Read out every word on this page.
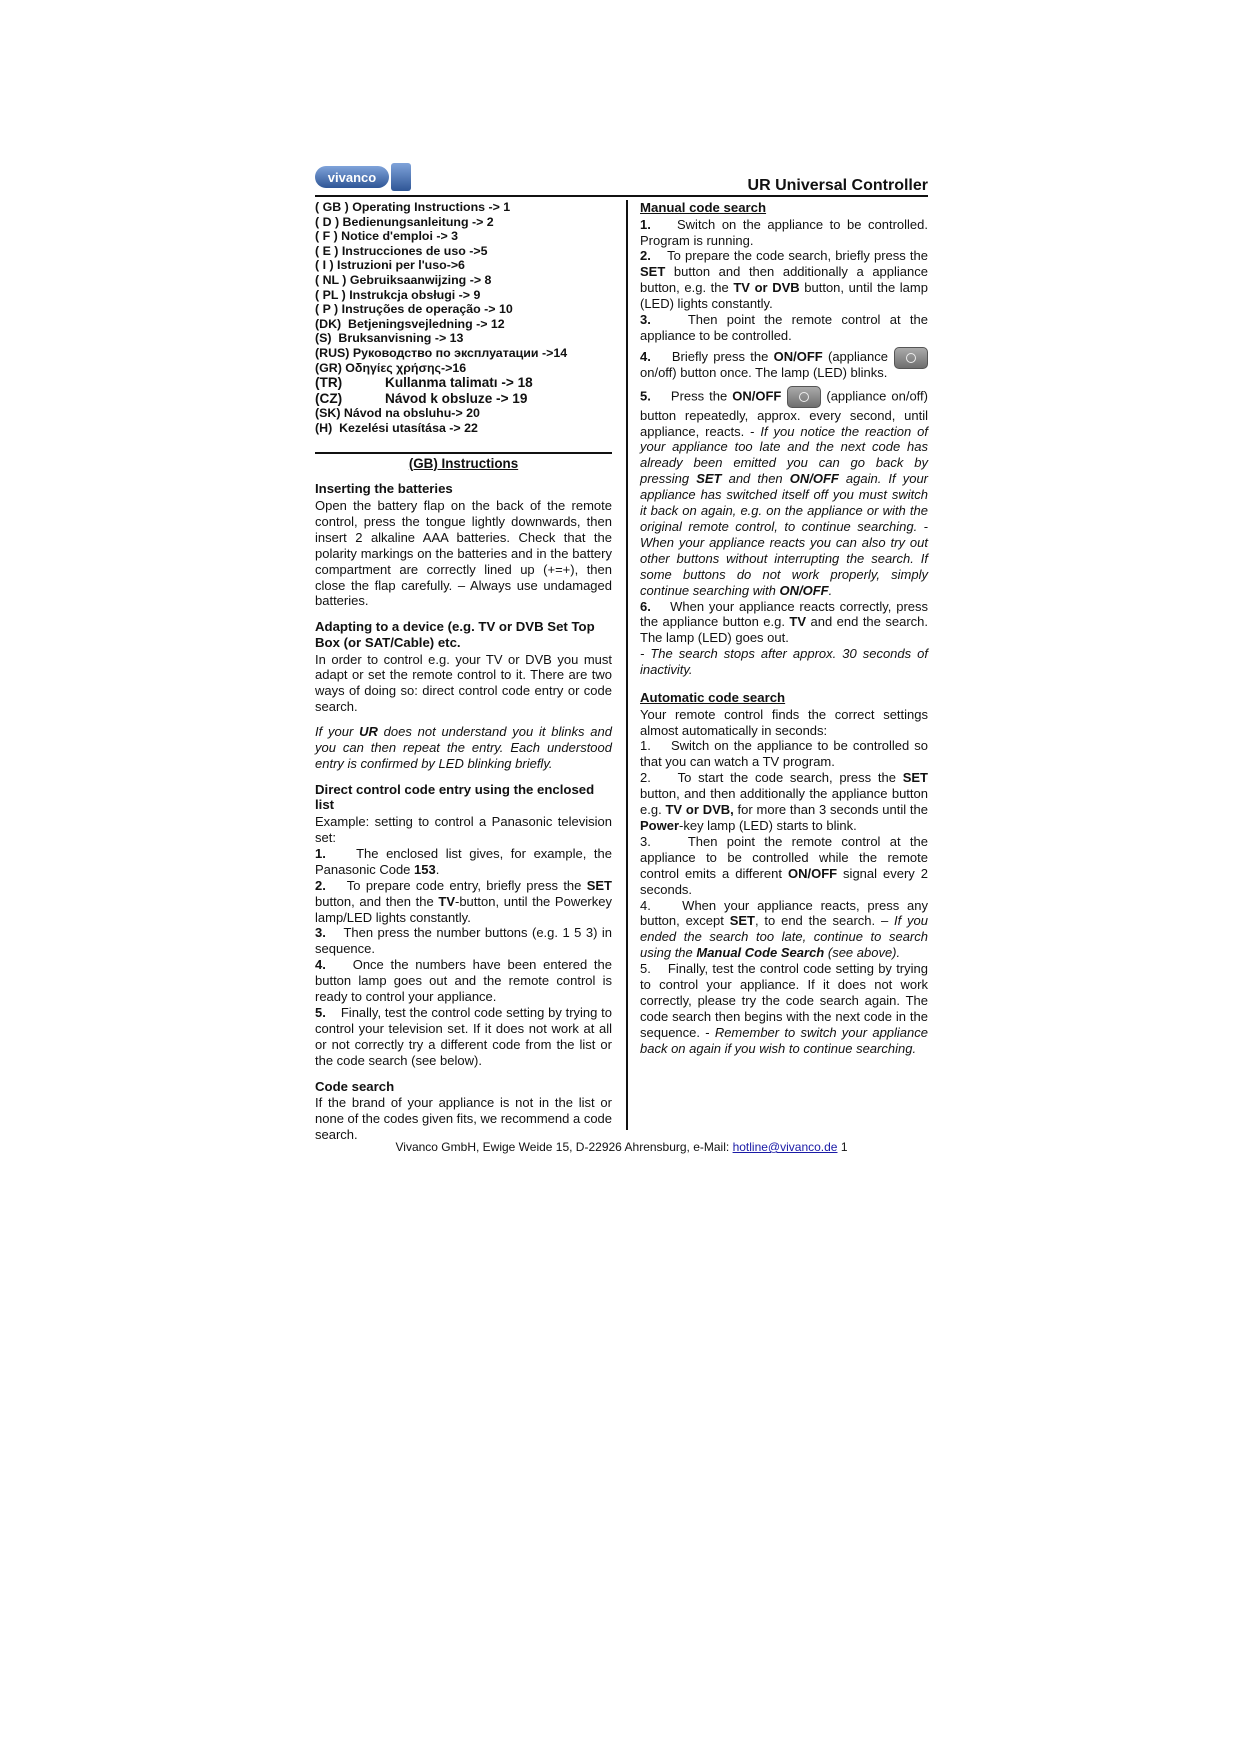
vivanco	UR Universal Controller
( GB ) Operating Instructions -> 1
( D ) Bedienungsanleitung -> 2
( F ) Notice d'emploi -> 3
( E ) Instrucciones de uso ->5
( I ) Istruzioni per l'uso->6
( NL ) Gebruiksaanwijzing -> 8
( PL ) Instrukcja obsługi -> 9
( P ) Instruções de operação -> 10
(DK) Betjeningsvejledning -> 12
(S) Bruksanvisning -> 13
(RUS) Руководство по эксплуатации ->14
(GR) Οδηγίες χρήσης->16
(TR)	Kullanma talimatı -> 18
(CZ)	Návod k obsluze -> 19
(SK) Návod na obsluhu-> 20
(H) Kezelési utasítása -> 22
(GB) Instructions
Inserting the batteries

Open the battery flap on the back of the remote control, press the tongue lightly downwards, then insert 2 alkaline AAA batteries. Check that the polarity markings on the batteries and in the battery compartment are correctly lined up (+=+), then close the flap carefully. – Always use undamaged batteries.

Adapting to a device (e.g. TV or DVB Set Top Box (or SAT/Cable) etc.

In order to control e.g. your TV or DVB you must adapt or set the remote control to it. There are two ways of doing so: direct control code entry or code search.

If your UR does not understand you it blinks and you can then repeat the entry. Each understood entry is confirmed by LED blinking briefly.

Direct control code entry using the enclosed list

Example: setting to control a Panasonic television set:

1. The enclosed list gives, for example, the Panasonic Code 153.

2. To prepare code entry, briefly press the SET button, and then the TV-button, until the Powerkey lamp/LED lights constantly.

3. Then press the number buttons (e.g. 1 5 3) in sequence.

4. Once the numbers have been entered the button lamp goes out and the remote control is ready to control your appliance.

5. Finally, test the control code setting by trying to control your television set. If it does not work at all or not correctly try a different code from the list or the code search (see below).

Code search

If the brand of your appliance is not in the list or none of the codes given fits, we recommend a code search.

Manual code search

1. Switch on the appliance to be controlled. Program is running.

2. To prepare the code search, briefly press the SET button and then additionally a appliance button, e.g. the TV or DVB button, until the lamp (LED) lights constantly.

3.	Then point the remote control at the appliance to be controlled.

4. Briefly press the ON/OFF (appliance on/off) button once. The lamp (LED) blinks.

5. Press the ON/OFF	(appliance on/off) button repeatedly, approx. every second, until appliance, reacts. - If you notice the reaction of your appliance too late and the next code has already been emitted you can go back by pressing SET and then ON/OFF again. If your appliance has switched itself off you must switch it back on again, e.g. on the appliance or with the original remote control, to continue searching. - When your appliance reacts you can also try out other buttons without interrupting the search. If some buttons do not work properly, simply continue searching with ON/OFF.

6. When your appliance reacts correctly, press the appliance button e.g. TV and end the search. The lamp (LED) goes out.

- The search stops after approx. 30 seconds of inactivity.

Automatic code search

Your remote control finds the correct settings almost automatically in seconds:

1. Switch on the appliance to be controlled so that you can watch a TV program.

2. To start the code search, press the SET button, and then additionally the appliance button e.g. TV or DVB, for more than 3 seconds until the Power-key lamp (LED) starts to blink.

3.	Then point the remote control at the appliance to be controlled while the remote control emits a different ON/OFF signal every 2 seconds.

4. When your appliance reacts, press any button, except SET, to end the search. – If you ended the search too late, continue to search using the Manual Code Search (see above).

5. Finally, test the control code setting by trying to control your appliance. If it does not work correctly, please try the code search again. The code search then begins with the next code in the sequence. - Remember to switch your appliance back on again if you wish to continue searching.

Vivanco GmbH, Ewige Weide 15, D-22926 Ahrensburg, e-Mail: hotline@vivanco.de 1
